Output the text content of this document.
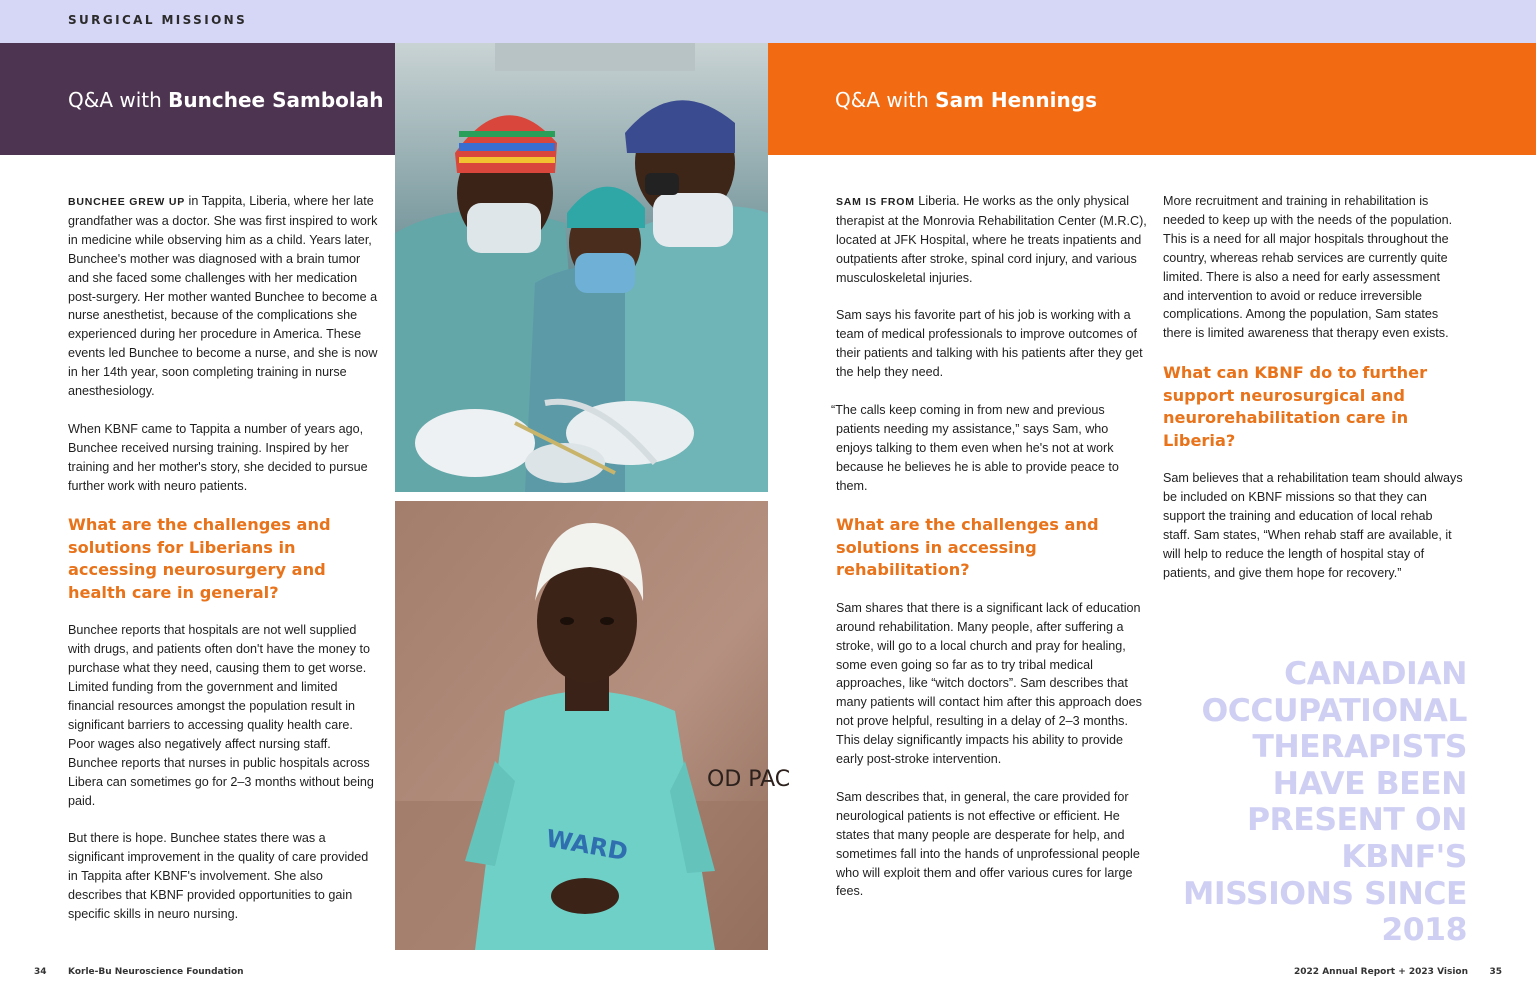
SURGICAL MISSIONS
Q&A with Bunchee Sambolah	Q&A with Sam Hennings
WARD
OD PAC

BUNCHEE GREW UP in Tappita, Liberia, where her late grandfather was a doctor. She was first inspired to work in medicine while observing him as a child. Years later, Bunchee's mother was diagnosed with a brain tumor and she faced some challenges with her medication post-surgery. Her mother wanted Bunchee to become a nurse anesthetist, because of the complications she experienced during her procedure in America. These events led Bunchee to become a nurse, and she is now in her 14th year, soon completing training in nurse anesthesiology.

When KBNF came to Tappita a number of years ago, Bunchee received nursing training. Inspired by her training and her mother's story, she decided to pursue further work with neuro patients.

What are the challenges and solutions for Liberians in accessing neurosurgery and health care in general?

Bunchee reports that hospitals are not well supplied with drugs, and patients often don't have the money to purchase what they need, causing them to get worse. Limited funding from the government and limited financial resources amongst the population result in significant barriers to accessing quality health care. Poor wages also negatively affect nursing staff. Bunchee reports that nurses in public hospitals across Libera can sometimes go for 2–3 months without being paid.

But there is hope. Bunchee states there was a significant improvement in the quality of care provided in Tappita after KBNF's involvement. She also describes that KBNF provided opportunities to gain specific skills in neuro nursing.

SAM IS FROM Liberia. He works as the only physical therapist at the Monrovia Rehabilitation Center (M.R.C), located at JFK Hospital, where he treats inpatients and outpatients after stroke, spinal cord injury, and various musculoskeletal injuries.

Sam says his favorite part of his job is working with a team of medical professionals to improve outcomes of their patients and talking with his patients after they get the help they need.

“The calls keep coming in from new and previous patients needing my assistance,” says Sam, who enjoys talking to them even when he's not at work because he believes he is able to provide peace to them.

What are the challenges and solutions in accessing rehabilitation?

Sam shares that there is a significant lack of education around rehabilitation. Many people, after suffering a stroke, will go to a local church and pray for healing, some even going so far as to try tribal medical approaches, like “witch doctors”. Sam describes that many patients will contact him after this approach does not prove helpful, resulting in a delay of 2–3 months. This delay significantly impacts his ability to provide early post-stroke intervention.

Sam describes that, in general, the care provided for neurological patients is not effective or efficient. He states that many people are desperate for help, and sometimes fall into the hands of unprofessional people who will exploit them and offer various cures for large fees.

More recruitment and training in rehabilitation is needed to keep up with the needs of the population. This is a need for all major hospitals throughout the country, whereas rehab services are currently quite limited. There is also a need for early assessment and intervention to avoid or reduce irreversible complications. Among the population, Sam states there is limited awareness that therapy even exists.

What can KBNF do to further support neurosurgical and neurorehabilitation care in Liberia?

Sam believes that a rehabilitation team should always be included on KBNF missions so that they can support the training and education of local rehab staff. Sam states, “When rehab staff are available, it will help to reduce the length of hospital stay of patients, and give them hope for recovery.”

CANADIAN OCCUPATIONAL THERAPISTS HAVE BEEN PRESENT ON KBNF'S MISSIONS SINCE 2018
34 Korle-Bu Neuroscience Foundation	2022 Annual Report + 2023 Vision 35
